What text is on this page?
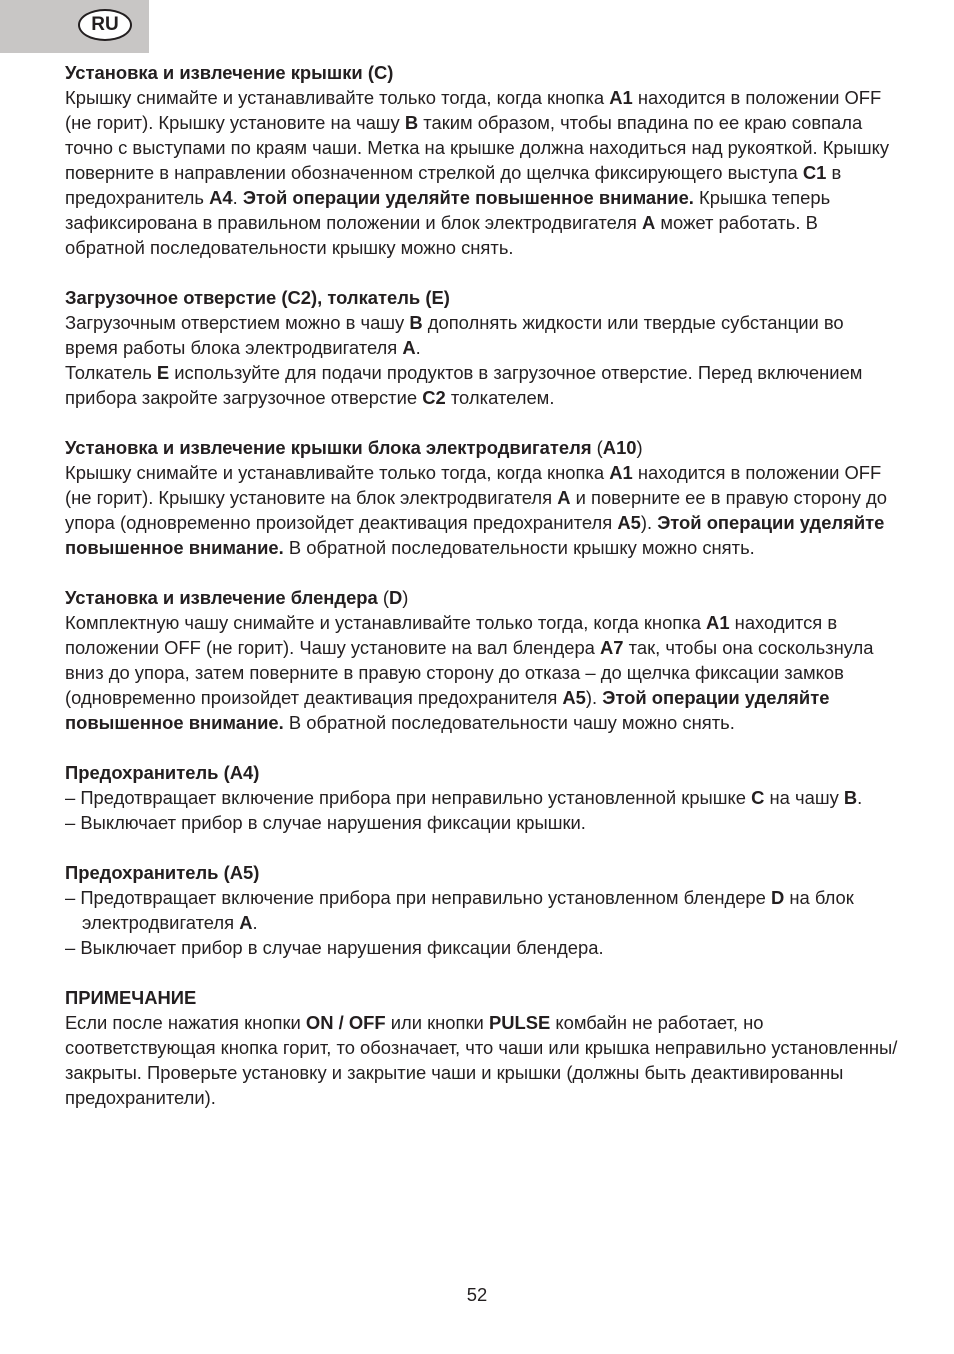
RU

Установка и извлечение крышки (C)

Крышку снимайте и устанавливайте только тогда, когда кнопка A1 находится в положении OFF (не горит). Крышку установите на чашу B таким образом, чтобы впадина по ее краю совпала точно с выступами по краям чаши. Метка на крышке должна находиться над рукояткой. Крышку поверните в направлении обозначенном стрелкой до щелчка фиксирующего выступа C1 в предохранитель A4. Этой операции уделяйте повышенное внимание. Крышка теперь зафиксирована в правильном положении и блок электродвигателя A может работать. В обратной последовательности крышку можно снять.

Загрузочное отверстие (C2), толкатель (E)

Загрузочным отверстием можно в чашу B дополнять жидкости или твердые субстанции во время работы блока электродвигателя A.

Толкатель E используйте для подачи продуктов в загрузочное отверстие. Перед включением прибора закройте загрузочное отверстие C2 толкателем.

Установка и извлечение крышки блока электродвигателя (A10)

Крышку снимайте и устанавливайте только тогда, когда кнопка A1 находится в положении OFF (не горит). Крышку установите на блок электродвигателя A и поверните ее в правую сторону до упора (одновременно произойдет деактивация предохранителя A5). Этой операции уделяйте повышенное внимание. В обратной последовательности крышку можно снять.

Установка и извлечение блендера (D)

Комплектную чашу снимайте и устанавливайте только тогда, когда кнопка A1 находится в положении OFF (не горит). Чашу установите на вал блендера A7 так, чтобы она соскользнула вниз до упора, затем поверните в правую сторону до отказа – до щелчка фиксации замков (одновременно произойдет деактивация предохранителя A5). Этой операции уделяйте повышенное внимание. В обратной последовательности чашу можно снять.

Предохранитель (A4)

– Предотвращает включение прибора при неправильно установленной крышке C на чашу B.

– Выключает прибор в случае нарушения фиксации крышки.

Предохранитель (A5)

– Предотвращает включение прибора при неправильно установленном блендере D на блок электродвигателя A.

– Выключает прибор в случае нарушения фиксации блендера.

ПРИМЕЧАНИЕ

Если после нажатия кнопки ON / OFF или кнопки PULSE комбайн не работает, но соответствующая кнопка горит, то обозначает, что чаши или крышка неправильно установленны/закрыты. Проверьте установку и закрытие чаши и крышки (должны быть деактивированны предохранители).

52
